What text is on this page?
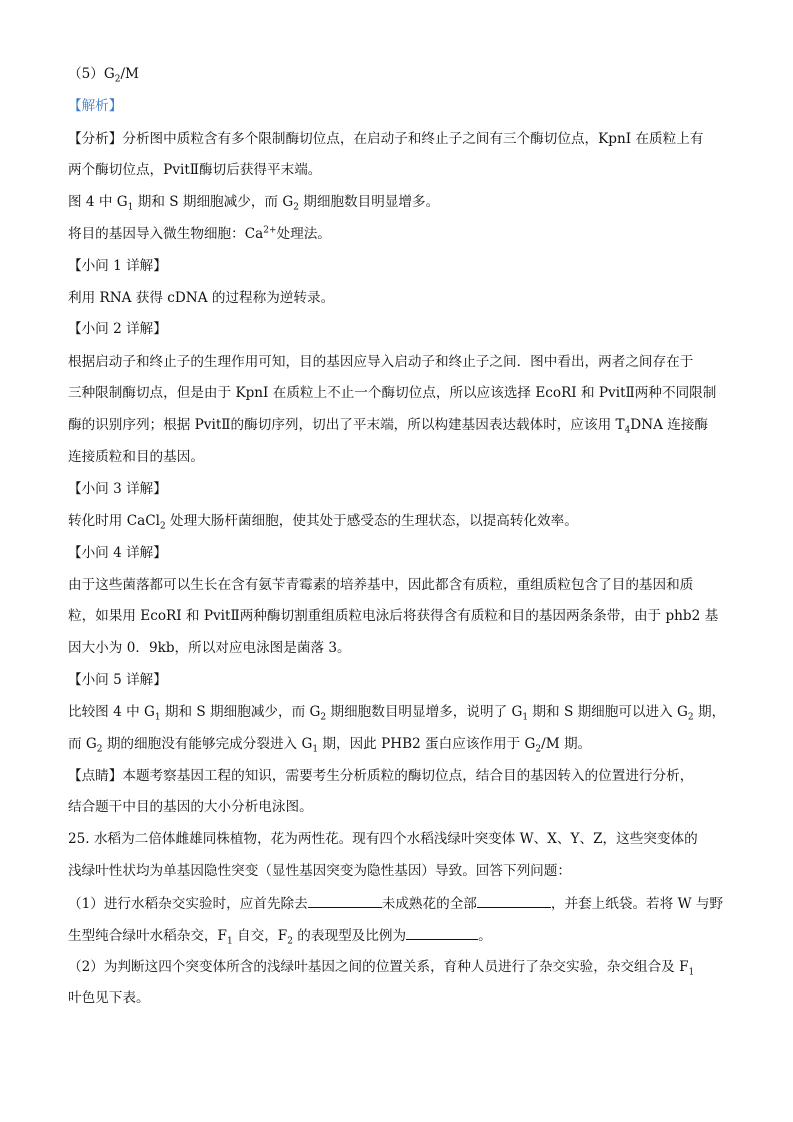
$(5)G_2/M$
【解析】
【分析】分析图中质粒含有多个限制酶切位点，在启动子和终止子之间有三个酶切位点，KpnI 在质粒上有
两个酶切位点，PvitⅡ酶切后获得平末端。
图 4 中 $G_1$ 期和 S 期细胞减少，而 $G_2$ 期细胞数目明显增多。
将目的基因导入微生物细胞：$Ca^{2+}$处理法。
【小问 1 详解】
利用 RNA 获得 cDNA 的过程称为逆转录。
【小问 2 详解】
根据启动子和终止子的生理作用可知，目的基因应导入启动子和终止子之间．图中看出，两者之间存在于
三种限制酶切点，但是由于 KpnI 在质粒上不止一个酶切位点，所以应该选择 EcoRI 和 PvitⅡ两种不同限制
酶的识别序列；根据 PvitⅡ的酶切序列，切出了平末端，所以构建基因表达载体时，应该用 $T_4DNA$ 连接酶
连接质粒和目的基因。
【小问 3 详解】
转化时用 CaCl$_2$ 处理大肠杆菌细胞，使其处于感受态的生理状态，以提高转化效率。
【小问 4 详解】
由于这些菌落都可以生长在含有氨苄青霉素的培养基中，因此都含有质粒，重组质粒包含了目的基因和质
粒，如果用 EcoRI 和 PvitⅡ两种酶切割重组质粒电泳后将获得含有质粒和目的基因两条条带，由于 phb2 基
因大小为 0．9kb，所以对应电泳图是菌落 3。
【小问 5 详解】
比较图 4 中 $G_1$ 期和 S 期细胞减少，而 $G_2$ 期细胞数目明显增多，说明了 $G_1$ 期和 S 期细胞可以进入 $G_2$ 期，
而 $G_2$ 期的细胞没有能够完成分裂进入 $G_1$ 期，因此 PHB2 蛋白应该作用于 $G_2/M$ 期。
【点睛】本题考察基因工程的知识，需要考生分析质粒的酶切位点，结合目的基因转入的位置进行分析，
结合题干中目的基因的大小分析电泳图。
25. 水稻为二倍体雌雄同株植物，花为两性花。现有四个水稻浅绿叶突变体 W、X、Y、Z，这些突变体的
浅绿叶性状均为单基因隐性突变（显性基因突变为隐性基因）导致。回答下列问题：
（1）进行水稻杂交实验时，应首先除去	未成熟花的全部	，并套上纸袋。若将 W 与野
生型纯合绿叶水稻杂交，$F_1$ 自交，$F_2$ 的表现型及比例为	。
（2）为判断这四个突变体所含的浅绿叶基因之间的位置关系，育种人员进行了杂交实验，杂交组合及 $F_1$
叶色见下表。
